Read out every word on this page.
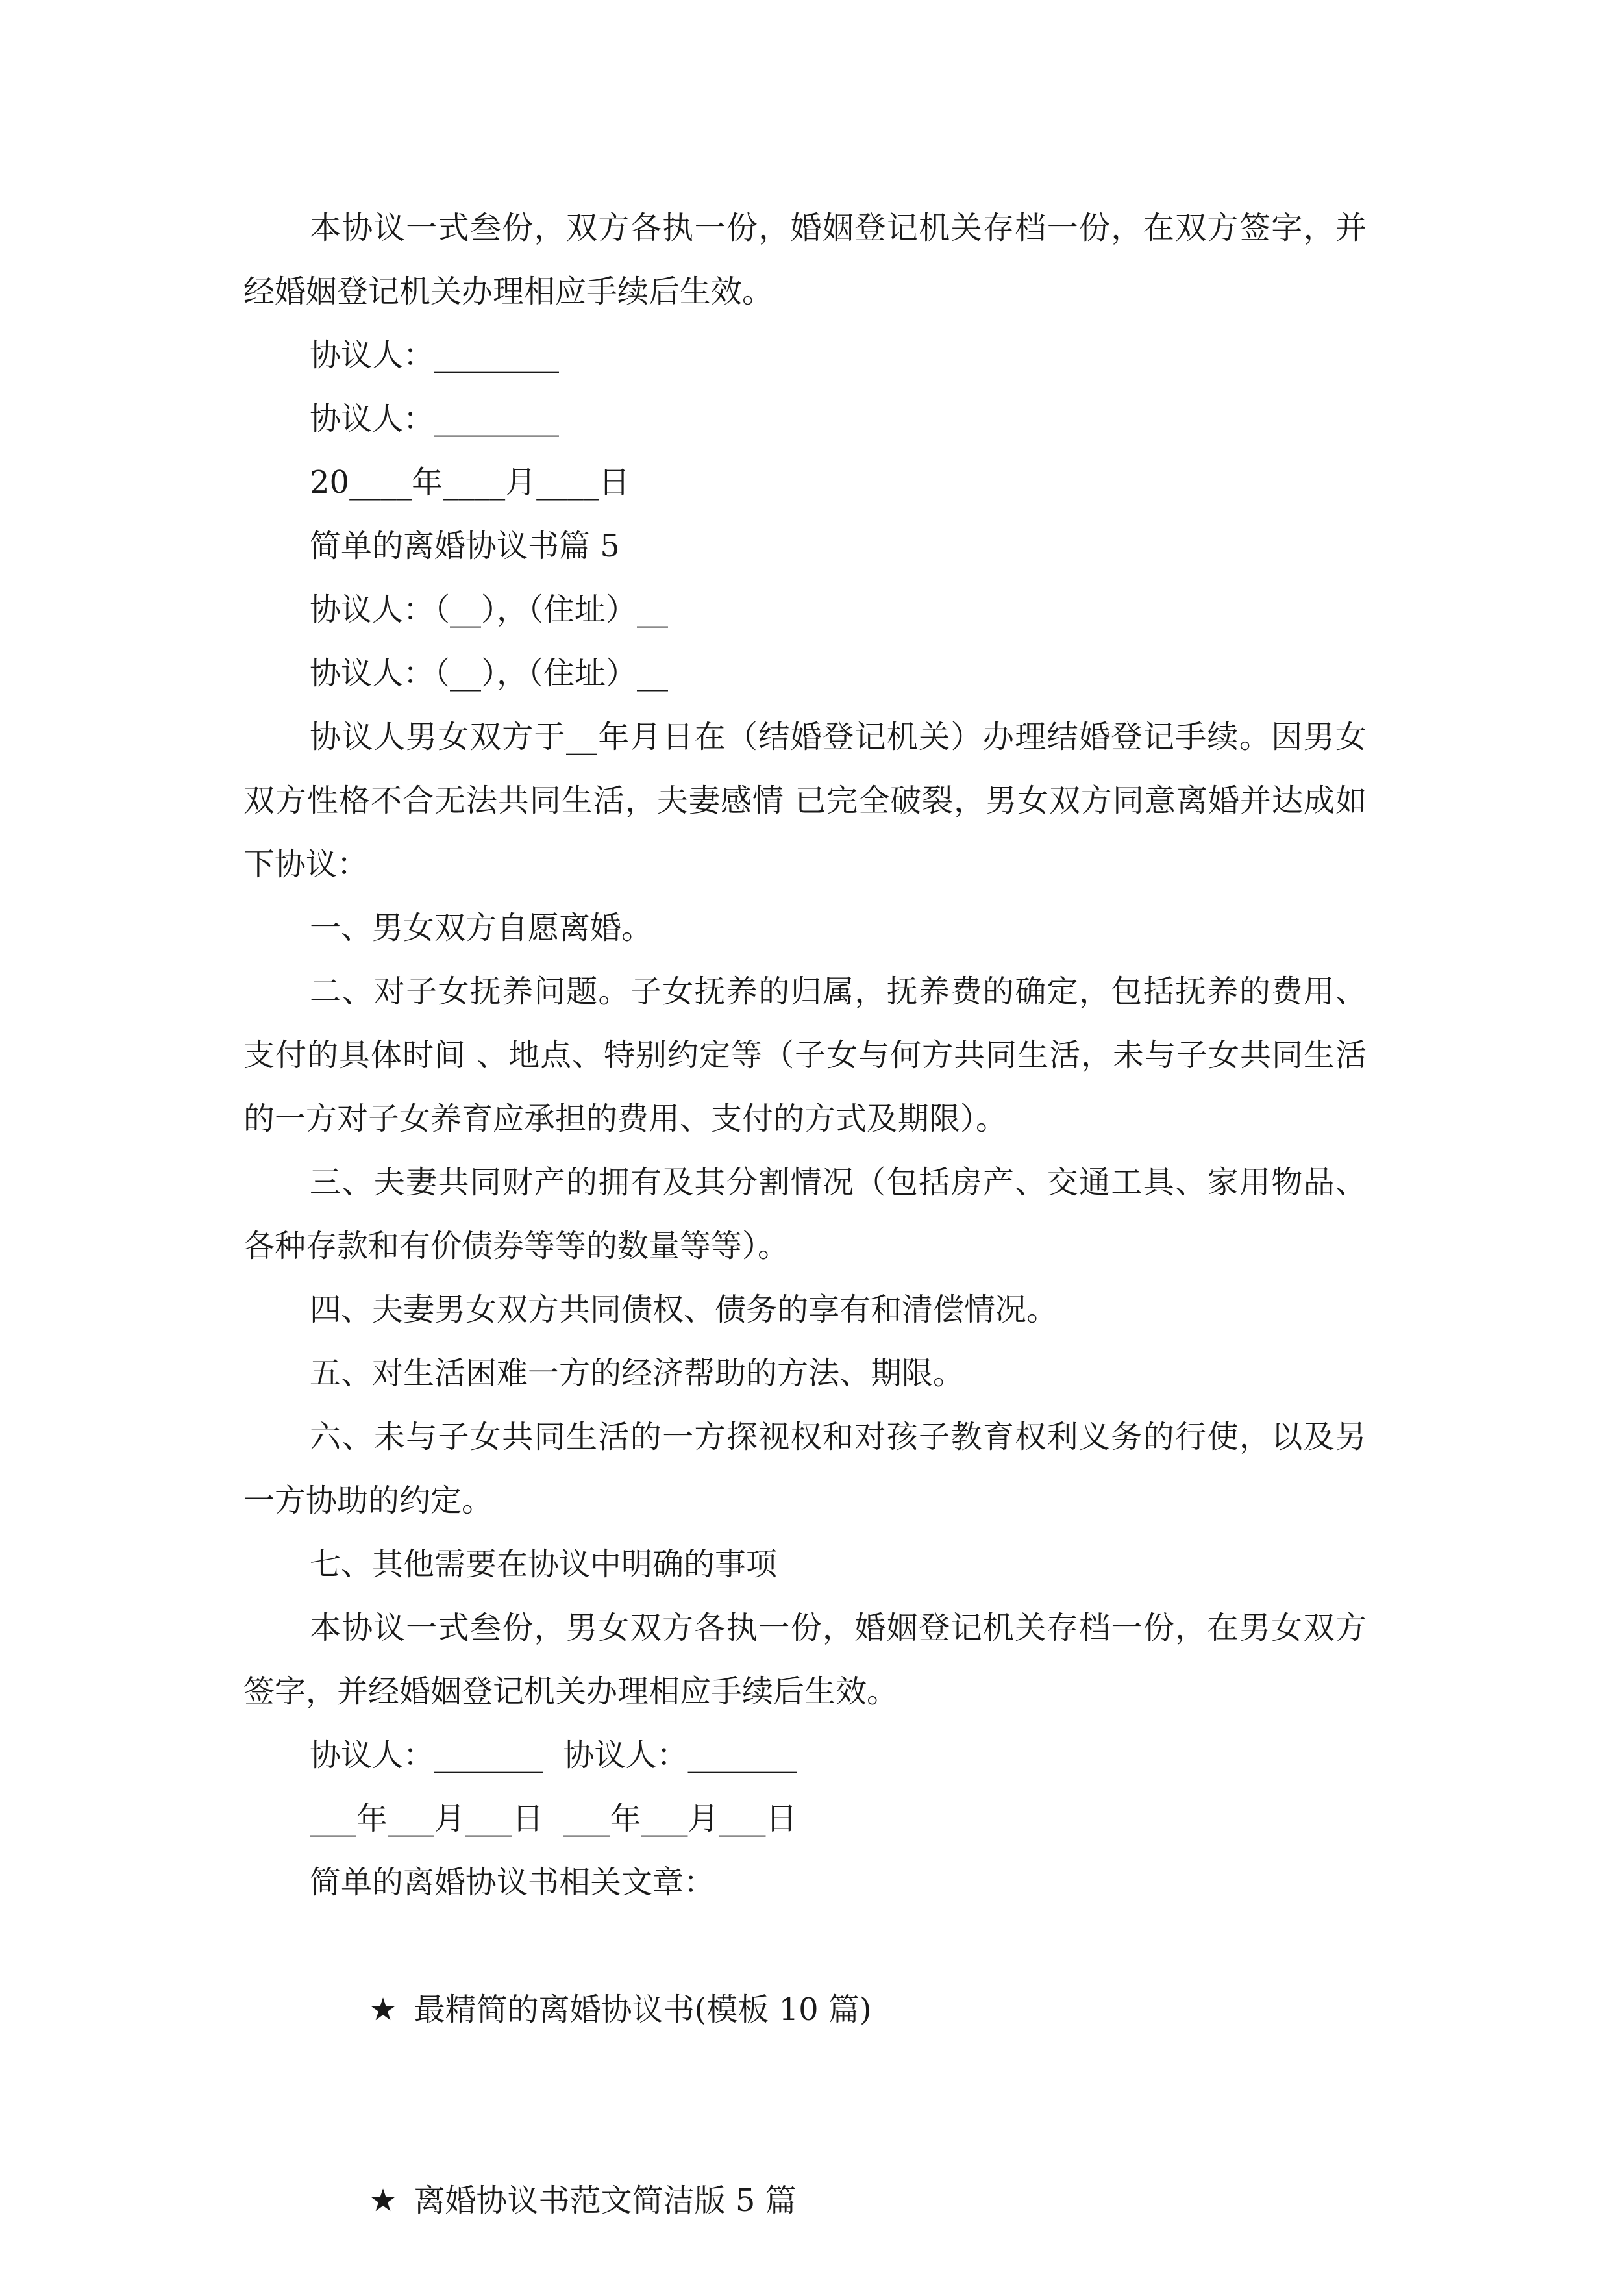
本协议一式叁份，双方各执一份，婚姻登记机关存档一份，在双方签字，并经婚姻登记机关办理相应手续后生效。

协议人：________

协议人：________

20____年____月____日

简单的离婚协议书篇 5

协议人：（__），（住址）__

协议人：（__），（住址）__

协议人男女双方于__年月日在（结婚登记机关）办理结婚登记手续。因男女双方性格不合无法共同生活，夫妻感情 已完全破裂，男女双方同意离婚并达成如下协议：

一、男女双方自愿离婚。

二、对子女抚养问题。子女抚养的归属，抚养费的确定，包括抚养的费用、支付的具体时间 、地点、特别约定等（子女与何方共同生活，未与子女共同生活的一方对子女养育应承担的费用、支付的方式及期限）。

三、夫妻共同财产的拥有及其分割情况（包括房产、交通工具、家用物品、各种存款和有价债券等等的数量等等）。

四、夫妻男女双方共同债权、债务的享有和清偿情况。

五、对生活困难一方的经济帮助的方法、期限。

六、未与子女共同生活的一方探视权和对孩子教育权利义务的行使，以及另一方协助的约定。

七、其他需要在协议中明确的事项

本协议一式叁份，男女双方各执一份，婚姻登记机关存档一份，在男女双方签字，并经婚姻登记机关办理相应手续后生效。

协议人：_______  协议人：_______

___年___月___日  ___年___月___日

简单的离婚协议书相关文章：

★ 最精简的离婚协议书(模板 10 篇)

★ 离婚协议书范文简洁版 5 篇
